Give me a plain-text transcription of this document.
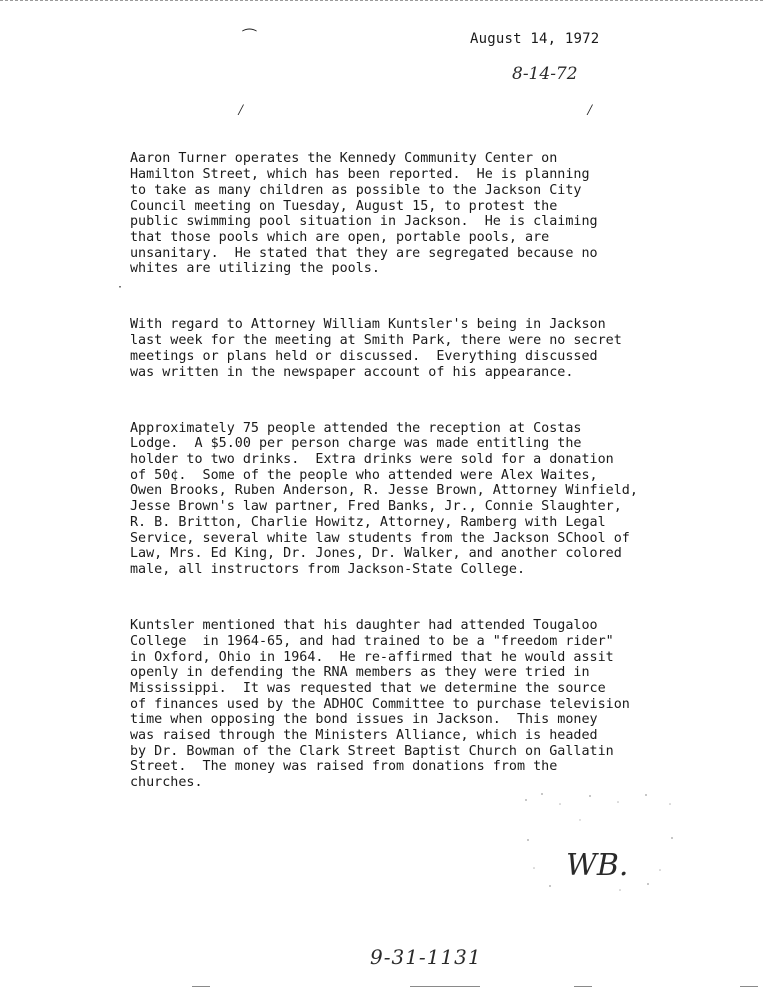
⁀	August 14, 1972
8-14-72
⁄	⁄

Aaron Turner operates the Kennedy Community Center on
Hamilton Street, which has been reported.  He is planning
to take as many children as possible to the Jackson City
Council meeting on Tuesday, August 15, to protest the
public swimming pool situation in Jackson.  He is claiming
that those pools which are open, portable pools, are
unsanitary.  He stated that they are segregated because no
whites are utilizing the pools.

With regard to Attorney William Kuntsler's being in Jackson
last week for the meeting at Smith Park, there were no secret
meetings or plans held or discussed.  Everything discussed
was written in the newspaper account of his appearance.

Approximately 75 people attended the reception at Costas
Lodge.  A $5.00 per person charge was made entitling the
holder to two drinks.  Extra drinks were sold for a donation
of 50¢.  Some of the people who attended were Alex Waites,
Owen Brooks, Ruben Anderson, R. Jesse Brown, Attorney Winfield,
Jesse Brown's law partner, Fred Banks, Jr., Connie Slaughter,
R. B. Britton, Charlie Howitz, Attorney, Ramberg with Legal
Service, several white law students from the Jackson SChool of
Law, Mrs. Ed King, Dr. Jones, Dr. Walker, and another colored
male, all instructors from Jackson-State College.

Kuntsler mentioned that his daughter had attended Tougaloo
College  in 1964-65, and had trained to be a "freedom rider"
in Oxford, Ohio in 1964.  He re-affirmed that he would assit
openly in defending the RNA members as they were tried in
Mississippi.  It was requested that we determine the source
of finances used by the ADHOC Committee to purchase television
time when opposing the bond issues in Jackson.  This money
was raised through the Ministers Alliance, which is headed
by Dr. Bowman of the Clark Street Baptist Church on Gallatin
Street.  The money was raised from donations from the
churches.

·
WB.
9-31-1131
